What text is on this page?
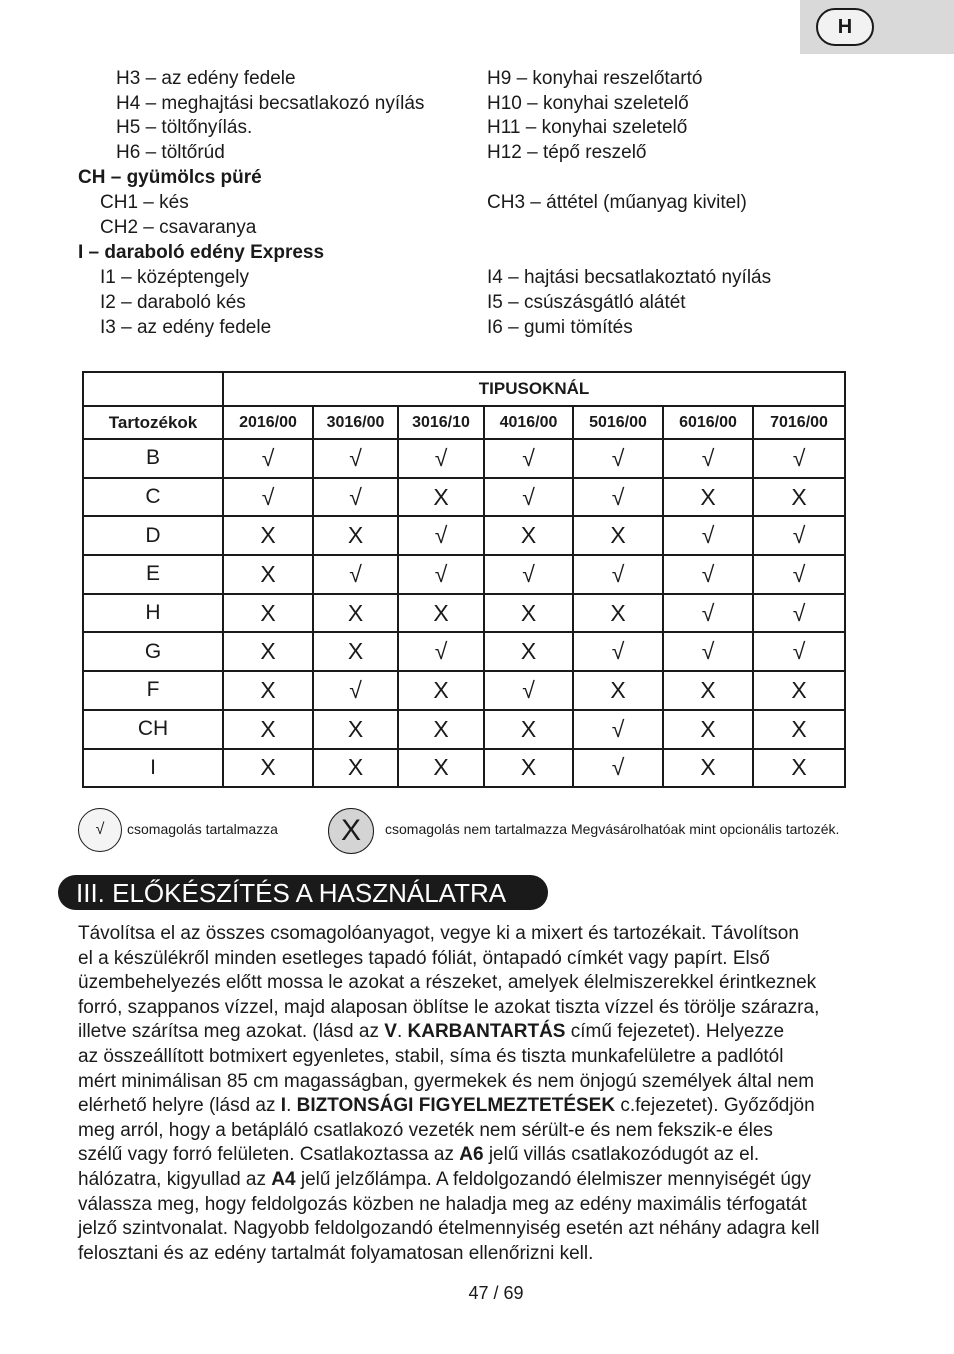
H
H3 – az edény fedele
H4 – meghajtási becsatlakozó nyílás
H5 – töltőnyílás.
H6 – töltőrúd
H9 – konyhai reszelőtartó
H10 – konyhai szeletelő
H11 – konyhai szeletelő
H12 – tépő reszelő
CH – gyümölcs püré
CH1 – kés
CH2 – csavaranya
CH3 – áttétel (műanyag kivitel)
I – daraboló edény Express
I1 – középtengely
I2 – daraboló kés
I3 – az edény fedele
I4 – hajtási becsatlakoztató nyílás
I5 – csúszásgátló alátét
I6 – gumi tömítés
	TIPUSOKNÁL						
Tartozékok	2016/00	3016/00	3016/10	4016/00	5016/00	6016/00	7016/00
B	√	√	√	√	√	√	√
C	√	√	X	√	√	X	X
D	X	X	√	X	X	√	√
E	X	√	√	√	√	√	√
H	X	X	X	X	X	√	√
G	X	X	√	X	√	√	√
F	X	√	X	√	X	X	X
CH	X	X	X	X	√	X	X
I	X	X	X	X	√	X	X
√	csomagolás tartalmazza	X	csomagolás nem tartalmazza Megvásárolhatóak mint opcionális tartozék.
III. ELŐKÉSZÍTÉS A HASZNÁLATRA
Távolítsa el az összes csomagolóanyagot, vegye ki a mixert és tartozékait. Távolítson
el a készülékről minden esetleges tapadó fóliát, öntapadó címkét vagy papírt. Első
üzembehelyezés előtt mossa le azokat a részeket, amelyek élelmiszerekkel érintkeznek
forró, szappanos vízzel, majd alaposan öblítse le azokat tiszta vízzel és törölje szárazra,
illetve szárítsa meg azokat. (lásd az V. KARBANTARTÁS című fejezetet). Helyezze
az összeállított botmixert egyenletes, stabil, síma és tiszta munkafelületre a padlótól
mért minimálisan 85 cm magasságban, gyermekek és nem önjogú személyek által nem
elérhető helyre (lásd az I. BIZTONSÁGI FIGYELMEZTETÉSEK c.fejezetet). Győződjön
meg arról, hogy a betápláló csatlakozó vezeték nem sérült-e és nem fekszik-e éles
szélű vagy forró felületen. Csatlakoztassa az A6 jelű villás csatlakozódugót az el.
hálózatra, kigyullad az A4 jelű jelzőlámpa. A feldolgozandó élelmiszer mennyiségét úgy
válassza meg, hogy feldolgozás közben ne haladja meg az edény maximális térfogatát
jelző szintvonalat. Nagyobb feldolgozandó ételmennyiség esetén azt néhány adagra kell
felosztani és az edény tartalmát folyamatosan ellenőrizni kell.
47 / 69
